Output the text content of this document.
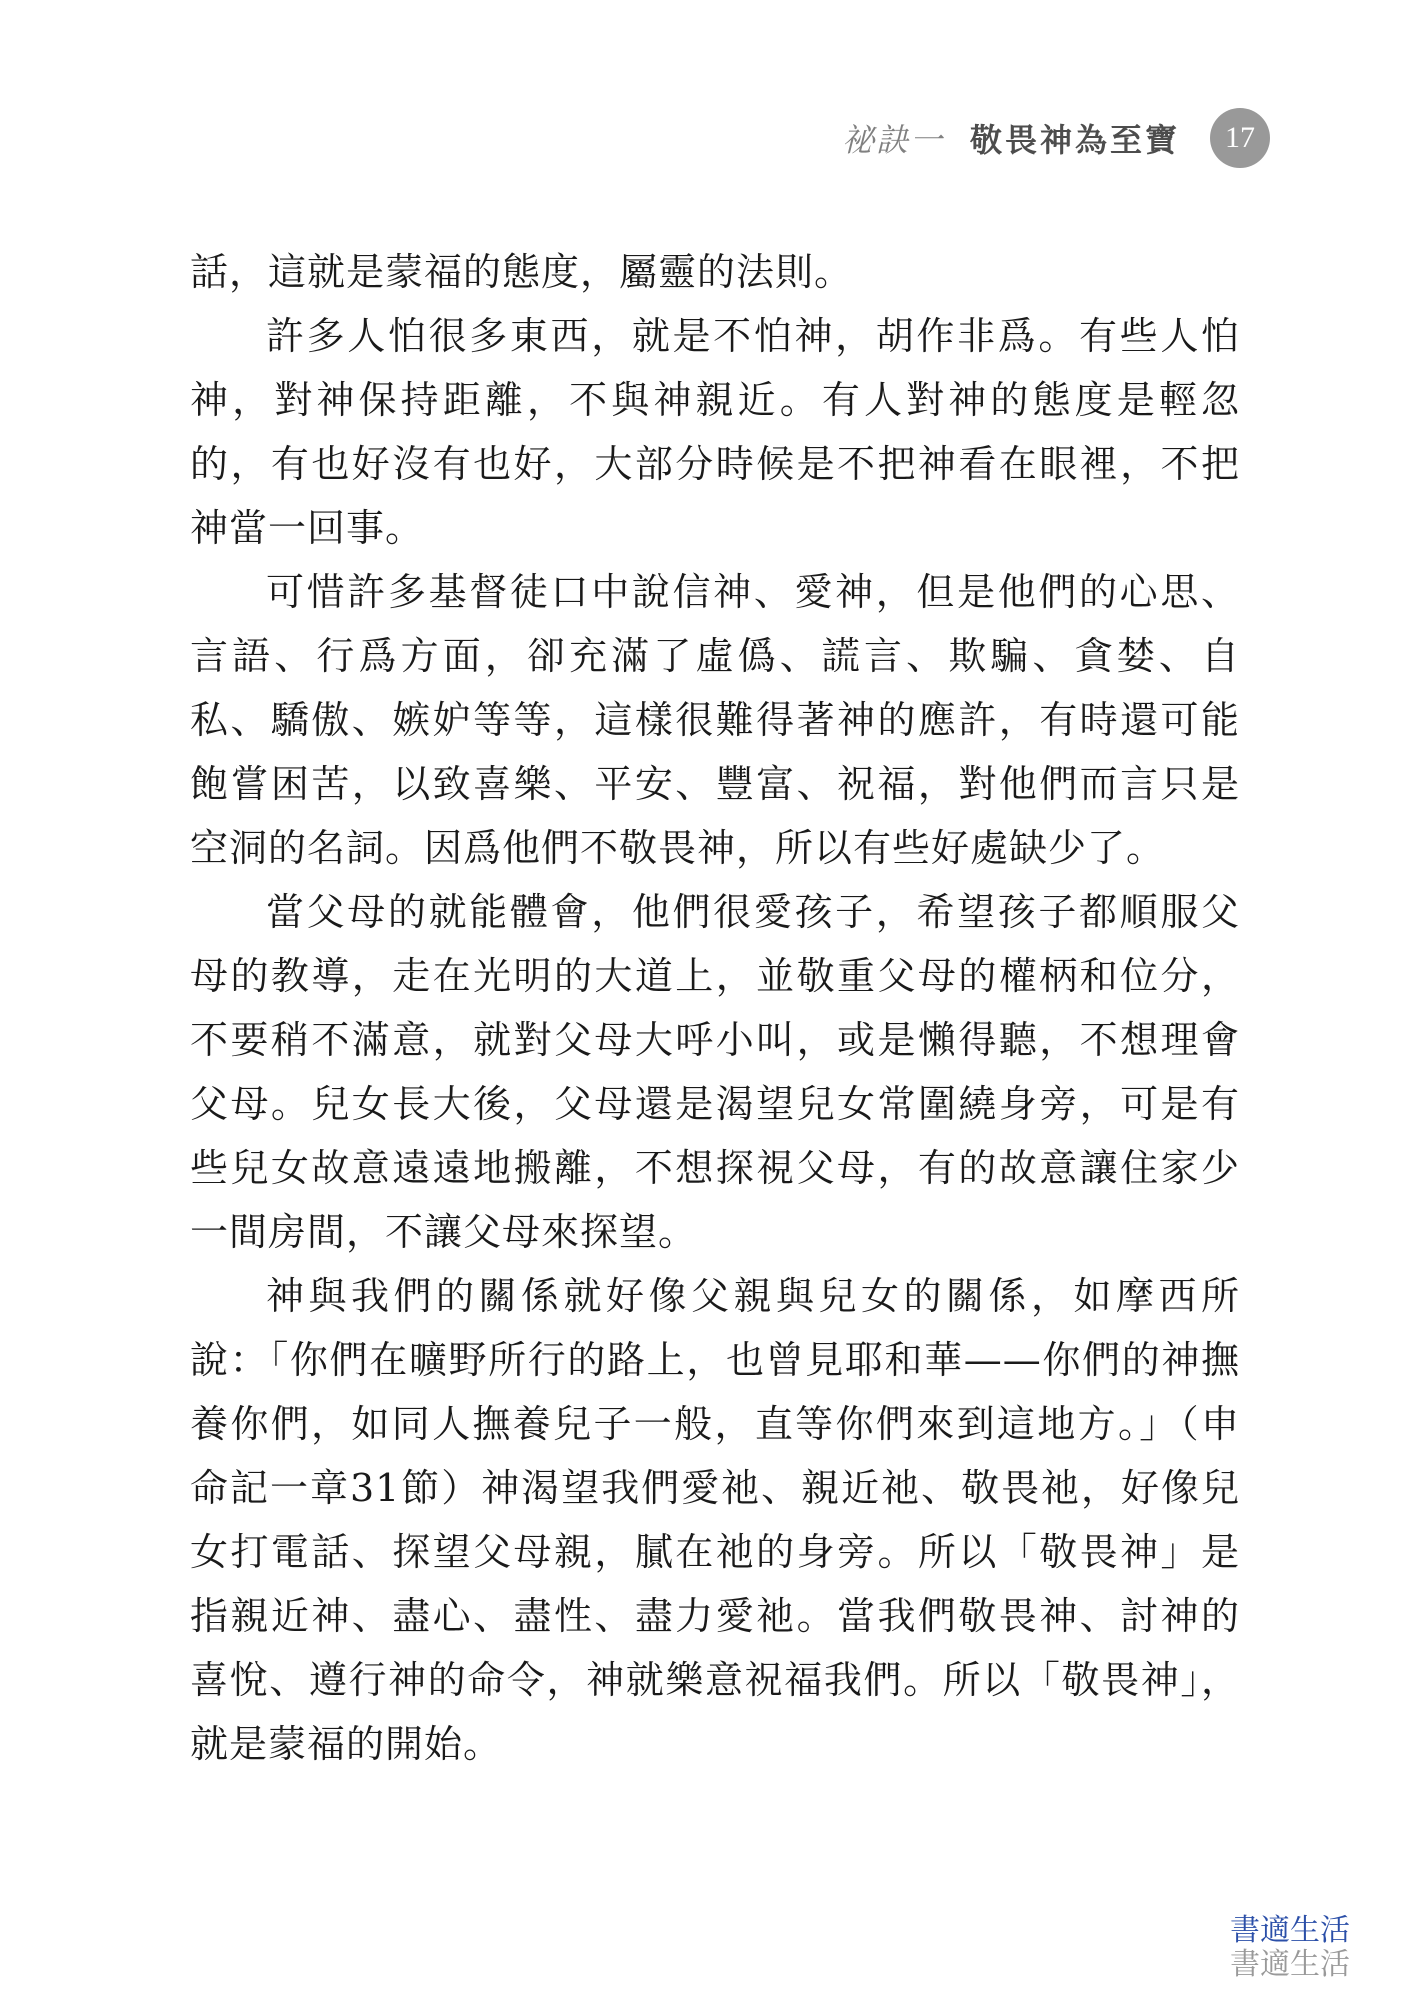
祕訣一 敬畏神為至寶	17

話，這就是蒙福的態度，屬靈的法則。

許多人怕很多東西，就是不怕神，胡作非爲。有些人怕神，對神保持距離，不與神親近。有人對神的態度是輕忽的，有也好沒有也好，大部分時候是不把神看在眼裡，不把神當一回事。

可惜許多基督徒口中說信神、愛神，但是他們的心思、言語、行爲方面，卻充滿了虛僞、謊言、欺騙、貪婪、自私、驕傲、嫉妒等等，這樣很難得著神的應許，有時還可能飽嘗困苦，以致喜樂、平安、豐富、祝福，對他們而言只是空洞的名詞。因爲他們不敬畏神，所以有些好處缺少了。

當父母的就能體會，他們很愛孩子，希望孩子都順服父母的教導，走在光明的大道上，並敬重父母的權柄和位分，不要稍不滿意，就對父母大呼小叫，或是懶得聽，不想理會父母。兒女長大後，父母還是渴望兒女常圍繞身旁，可是有些兒女故意遠遠地搬離，不想探視父母，有的故意讓住家少一間房間，不讓父母來探望。

神與我們的關係就好像父親與兒女的關係，如摩西所說：「你們在曠野所行的路上，也曾見耶和華——你們的神撫養你們，如同人撫養兒子一般，直等你們來到這地方。」（申命記一章31節）神渴望我們愛祂、親近祂、敬畏祂，好像兒女打電話、探望父母親，膩在祂的身旁。所以「敬畏神」是指親近神、盡心、盡性、盡力愛祂。當我們敬畏神、討神的喜悅、遵行神的命令，神就樂意祝福我們。所以「敬畏神」，就是蒙福的開始。

書適生活
書適生活
